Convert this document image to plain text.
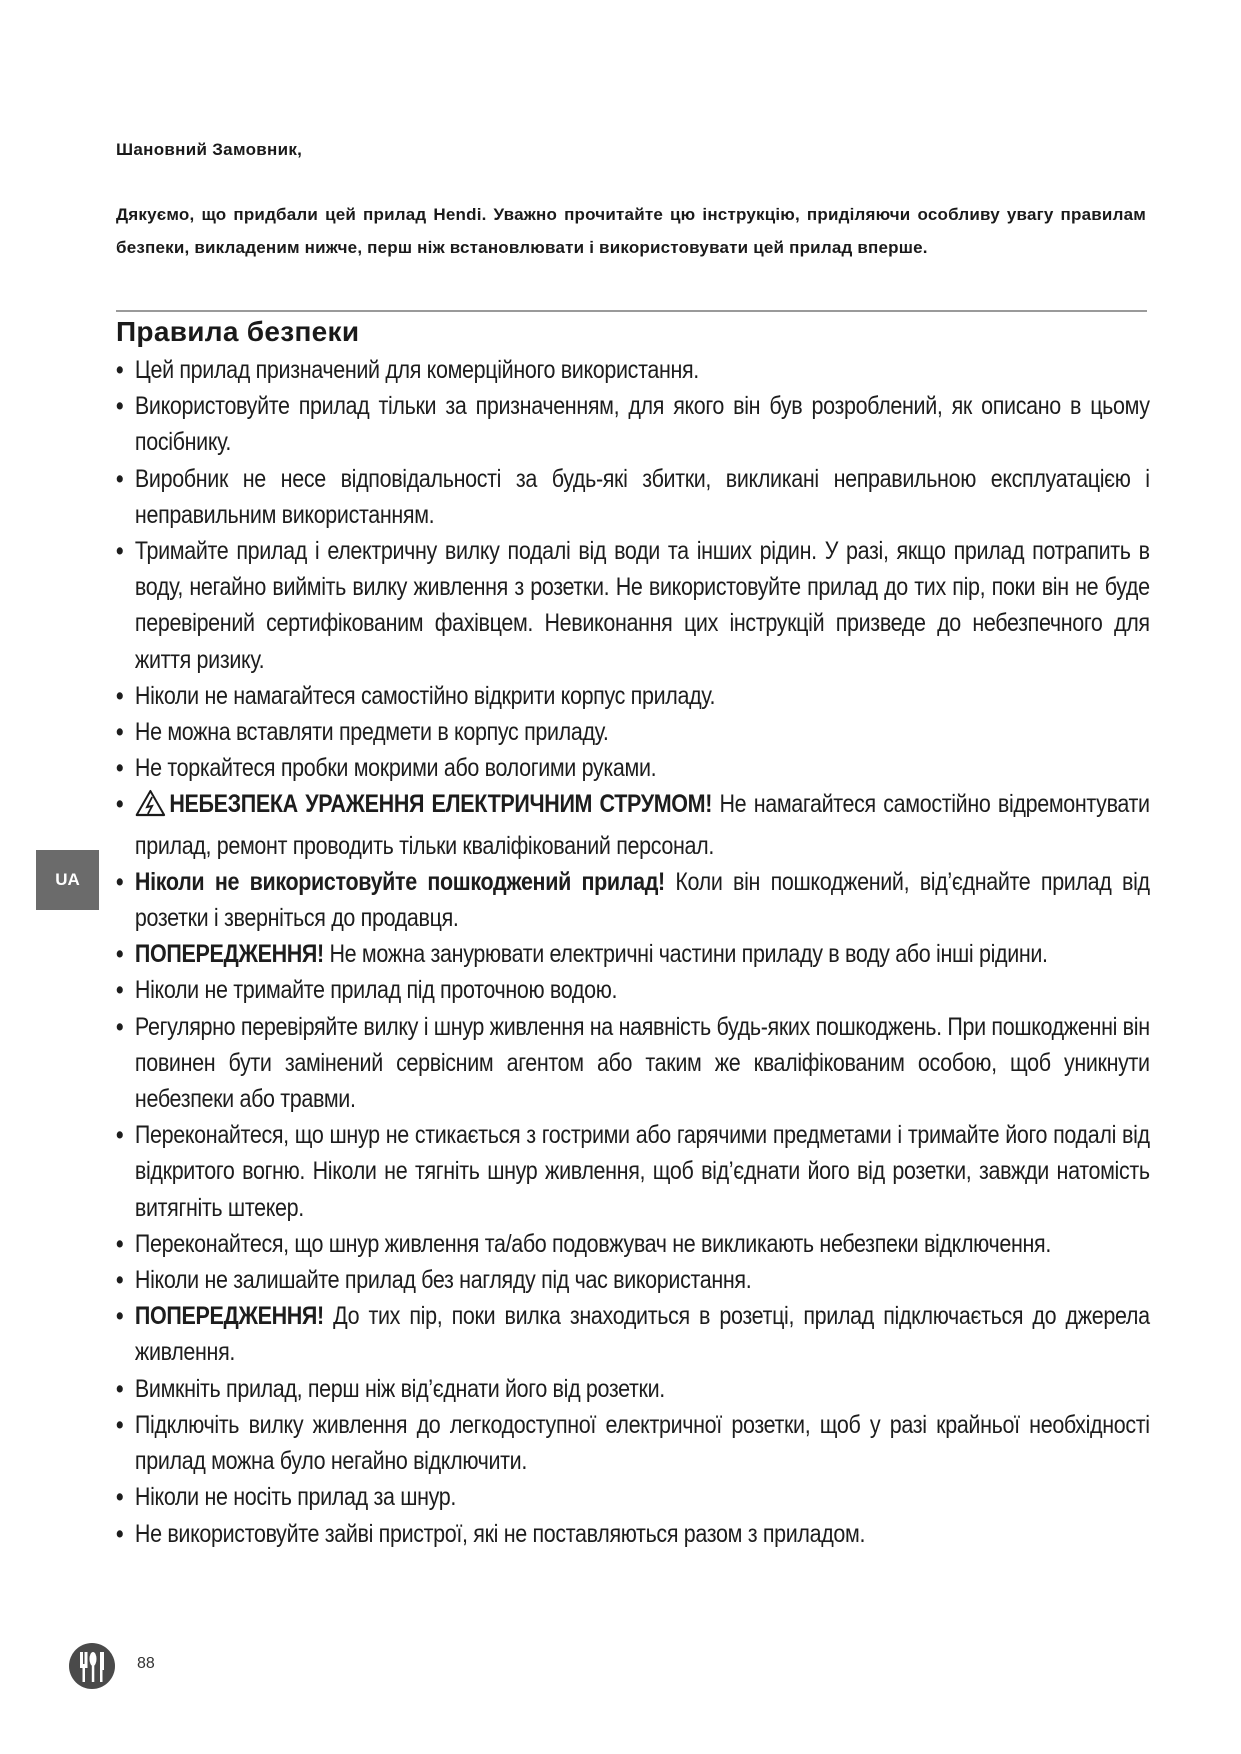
Шановний Замовник,
Дякуємо, що придбали цей прилад Hendi. Уважно прочитайте цю інструкцію, приділяючи особливу увагу правилам безпеки, викладеним нижче, перш ніж встановлювати і використовувати цей прилад вперше.
Правила безпеки
• Цей прилад призначений для комерційного використання.
• Використовуйте прилад тільки за призначенням, для якого він був розроблений, як описано в цьому посібнику.
• Виробник не несе відповідальності за будь-які збитки, викликані неправильною експлуатацією і неправильним використанням.
• Тримайте прилад і електричну вилку подалі від води та інших рідин. У разі, якщо прилад потрапить в воду, негайно вийміть вилку живлення з розетки. Не використовуйте прилад до тих пір, поки він не буде перевірений сертифікованим фахівцем. Невиконання цих інструкцій призведе до небезпечного для життя ризику.
• Ніколи не намагайтеся самостійно відкрити корпус приладу.
• Не можна вставляти предмети в корпус приладу.
• Не торкайтеся пробки мокрими або вологими руками.
• НЕБЕЗПЕКА УРАЖЕННЯ ЕЛЕКТРИЧНИМ СТРУМОМ! Не намагайтеся самостійно відремонтувати прилад, ремонт проводить тільки кваліфікований персонал.
• Ніколи не використовуйте пошкоджений прилад! Коли він пошкоджений, від’єднайте прилад від розетки і зверніться до продавця.
• ПОПЕРЕДЖЕННЯ! Не можна занурювати електричні частини приладу в воду або інші рідини.
• Ніколи не тримайте прилад під проточною водою.
• Регулярно перевіряйте вилку і шнур живлення на наявність будь-яких пошкоджень. При пошкодженні він повинен бути замінений сервісним агентом або таким же кваліфікованим особою, щоб уникнути небезпеки або травми.
• Переконайтеся, що шнур не стикається з гострими або гарячими предметами і тримайте його подалі від відкритого вогню. Ніколи не тягніть шнур живлення, щоб від’єднати його від розетки, завжди натомість витягніть штекер.
• Переконайтеся, що шнур живлення та/або подовжувач не викликають небезпеки відключення.
• Ніколи не залишайте прилад без нагляду під час використання.
• ПОПЕРЕДЖЕННЯ! До тих пір, поки вилка знаходиться в розетці, прилад підключається до джерела живлення.
• Вимкніть прилад, перш ніж від’єднати його від розетки.
• Підключіть вилку живлення до легкодоступної електричної розетки, щоб у разі крайньої необхідності прилад можна було негайно відключити.
• Ніколи не носіть прилад за шнур.
• Не використовуйте зайві пристрої, які не поставляються разом з приладом.
UA
88
